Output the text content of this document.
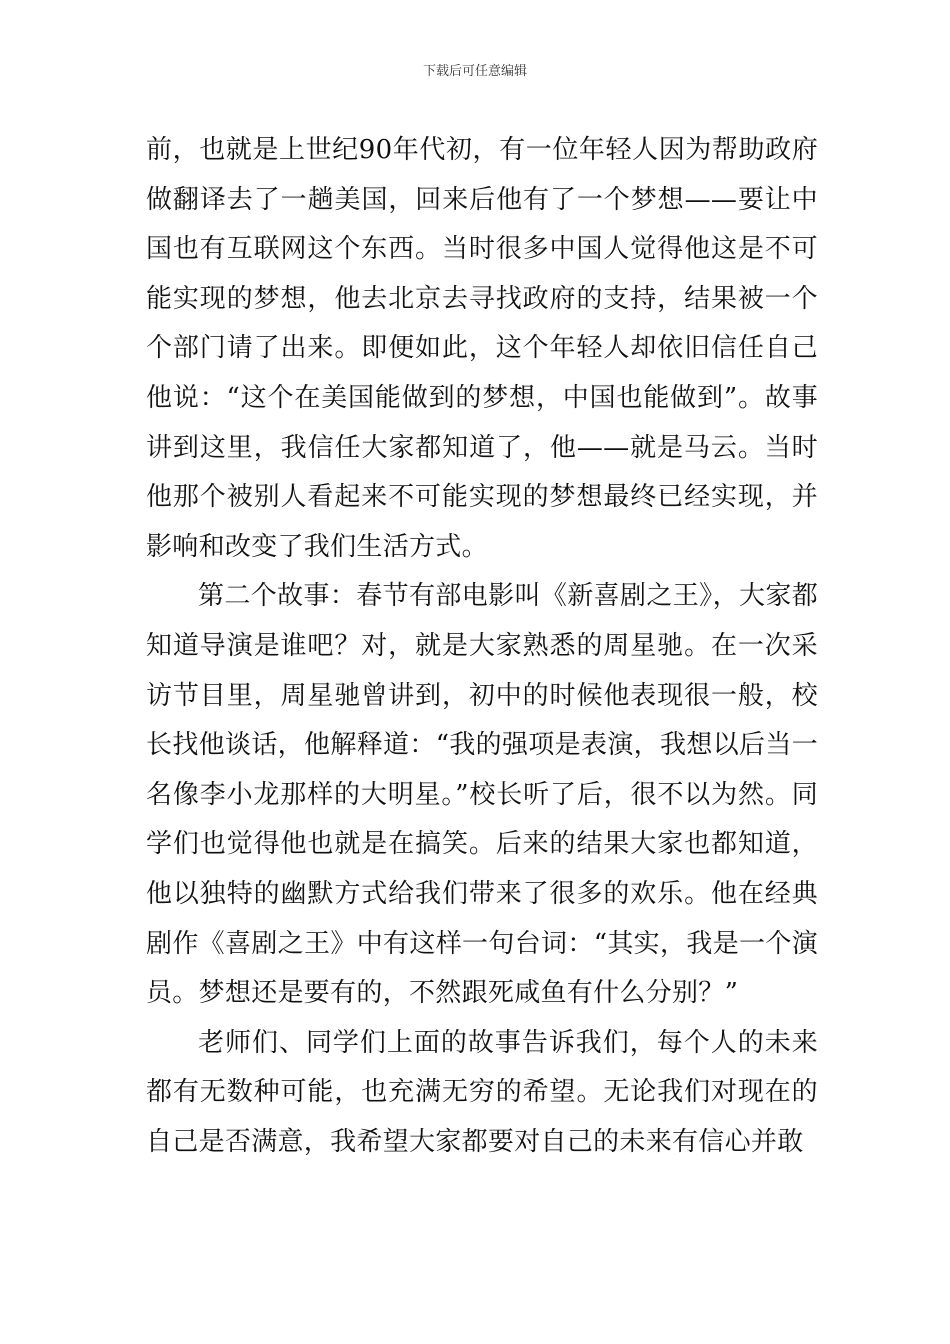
下载后可任意编辑

前，也就是上世纪90年代初，有一位年轻人因为帮助政府做翻译去了一趟美国，回来后他有了一个梦想——要让中国也有互联网这个东西。当时很多中国人觉得他这是不可能实现的梦想，他去北京去寻找政府的支持，结果被一个个部门请了出来。即便如此，这个年轻人却依旧信任自己他说：“这个在美国能做到的梦想，中国也能做到”。故事讲到这里，我信任大家都知道了，他——就是马云。当时他那个被别人看起来不可能实现的梦想最终已经实现，并影响和改变了我们生活方式。

第二个故事：春节有部电影叫《新喜剧之王》，大家都知道导演是谁吧？对，就是大家熟悉的周星驰。在一次采访节目里，周星驰曾讲到，初中的时候他表现很一般，校长找他谈话，他解释道：“我的强项是表演，我想以后当一名像李小龙那样的大明星。”校长听了后，很不以为然。同学们也觉得他也就是在搞笑。后来的结果大家也都知道，他以独特的幽默方式给我们带来了很多的欢乐。他在经典剧作《喜剧之王》中有这样一句台词：“其实，我是一个演员。梦想还是要有的，不然跟死咸鱼有什么分别？”

老师们、同学们上面的故事告诉我们，每个人的未来都有无数种可能，也充满无穷的希望。无论我们对现在的自己是否满意，我希望大家都要对自己的未来有信心并敢
